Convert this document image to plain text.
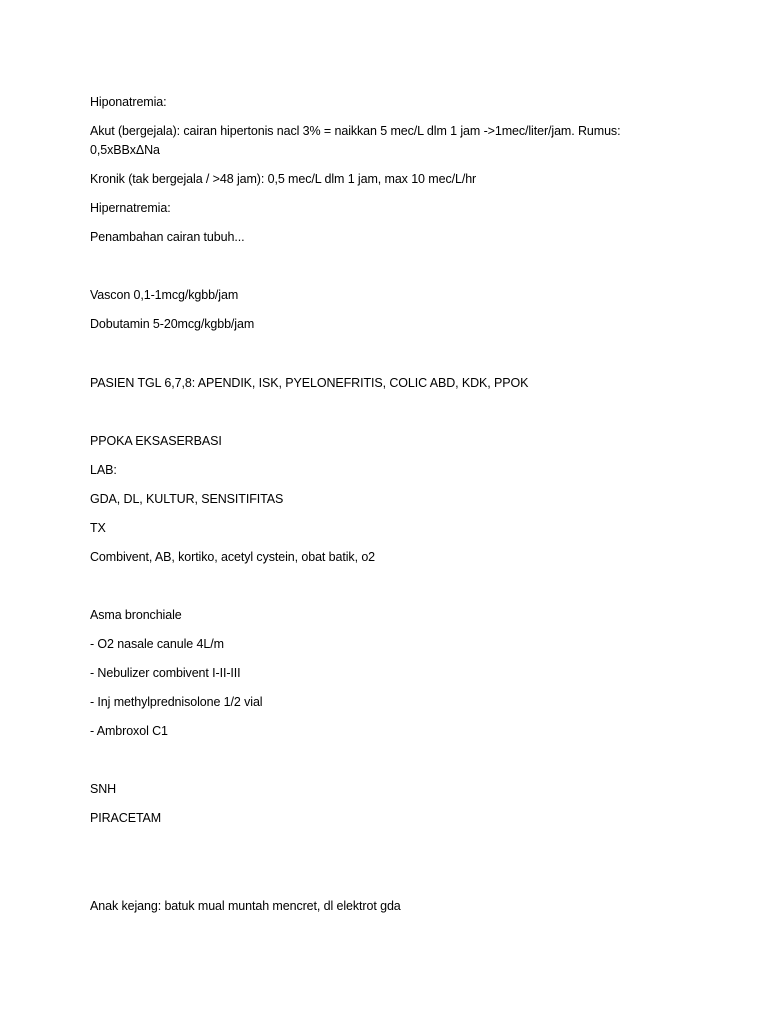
Hiponatremia:
Akut (bergejala): cairan hipertonis nacl 3% = naikkan 5 mec/L dlm 1 jam ->1mec/liter/jam. Rumus: 0,5xBBxΔNa
Kronik (tak bergejala / >48 jam): 0,5 mec/L dlm 1 jam, max 10 mec/L/hr
Hipernatremia:
Penambahan cairan tubuh...
Vascon 0,1-1mcg/kgbb/jam
Dobutamin 5-20mcg/kgbb/jam
PASIEN TGL 6,7,8: APENDIK, ISK, PYELONEFRITIS, COLIC ABD, KDK, PPOK
PPOKA EKSASERBASI
LAB:
GDA, DL, KULTUR, SENSITIFITAS
TX
Combivent, AB, kortiko, acetyl cystein, obat batik, o2
Asma bronchiale
- O2 nasale canule 4L/m
- Nebulizer combivent I-II-III
- Inj methylprednisolone 1/2 vial
- Ambroxol C1
SNH
PIRACETAM
Anak kejang: batuk mual muntah mencret, dl elektrot gda
